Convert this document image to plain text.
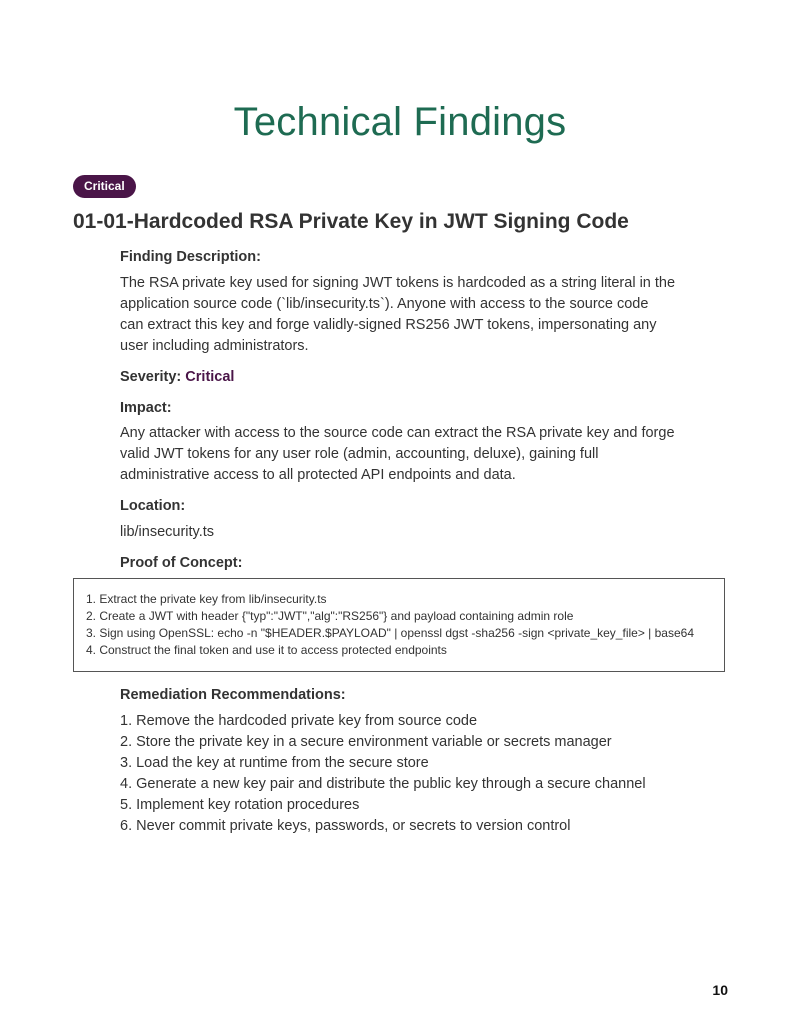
Technical Findings
Critical
01-01-Hardcoded RSA Private Key in JWT Signing Code
Finding Description:
The RSA private key used for signing JWT tokens is hardcoded as a string literal in the
application source code (`lib/insecurity.ts`). Anyone with access to the source code
can extract this key and forge validly-signed RS256 JWT tokens, impersonating any
user including administrators.
Severity: Critical
Impact:
Any attacker with access to the source code can extract the RSA private key and forge
valid JWT tokens for any user role (admin, accounting, deluxe), gaining full
administrative access to all protected API endpoints and data.
Location:
lib/insecurity.ts
Proof of Concept:
1. Extract the private key from lib/insecurity.ts
2. Create a JWT with header {"typ":"JWT","alg":"RS256"} and payload containing admin role
3. Sign using OpenSSL: echo -n "$HEADER.$PAYLOAD" | openssl dgst -sha256 -sign <private_key_file> | base64
4. Construct the final token and use it to access protected endpoints
Remediation Recommendations:
1. Remove the hardcoded private key from source code
2. Store the private key in a secure environment variable or secrets manager
3. Load the key at runtime from the secure store
4. Generate a new key pair and distribute the public key through a secure channel
5. Implement key rotation procedures
6. Never commit private keys, passwords, or secrets to version control
10
